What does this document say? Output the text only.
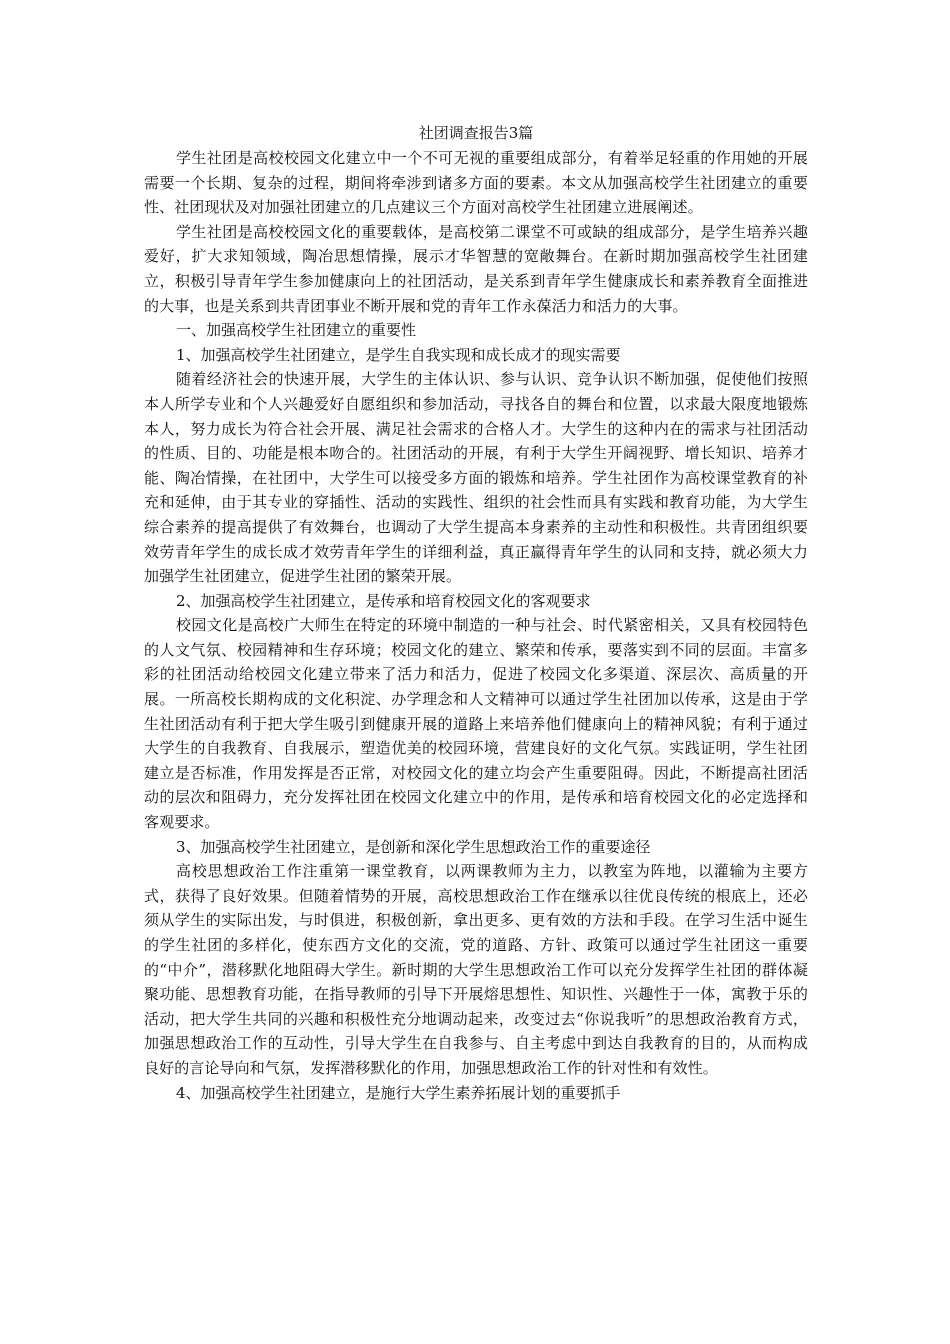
社团调查报告3篇

学生社团是高校校园文化建立中一个不可无视的重要组成部分，有着举足轻重的作用她的开展需要一个长期、复杂的过程，期间将牵涉到诸多方面的要素。本文从加强高校学生社团建立的重要性、社团现状及对加强社团建立的几点建议三个方面对高校学生社团建立进展阐述。

学生社团是高校校园文化的重要载体，是高校第二课堂不可或缺的组成部分，是学生培养兴趣爱好，扩大求知领域，陶冶思想情操，展示才华智慧的宽敞舞台。在新时期加强高校学生社团建立，积极引导青年学生参加健康向上的社团活动，是关系到青年学生健康成长和素养教育全面推进的大事，也是关系到共青团事业不断开展和党的青年工作永葆活力和活力的大事。

一、加强高校学生社团建立的重要性

1、加强高校学生社团建立，是学生自我实现和成长成才的现实需要

随着经济社会的快速开展，大学生的主体认识、参与认识、竞争认识不断加强，促使他们按照本人所学专业和个人兴趣爱好自愿组织和参加活动，寻找各自的舞台和位置，以求最大限度地锻炼本人，努力成长为符合社会开展、满足社会需求的合格人才。大学生的这种内在的需求与社团活动的性质、目的、功能是根本吻合的。社团活动的开展，有利于大学生开阔视野、增长知识、培养才能、陶冶情操，在社团中，大学生可以接受多方面的锻炼和培养。学生社团作为高校课堂教育的补充和延伸，由于其专业的穿插性、活动的实践性、组织的社会性而具有实践和教育功能，为大学生综合素养的提高提供了有效舞台，也调动了大学生提高本身素养的主动性和积极性。共青团组织要效劳青年学生的成长成才效劳青年学生的详细利益，真正赢得青年学生的认同和支持，就必须大力加强学生社团建立，促进学生社团的繁荣开展。

2、加强高校学生社团建立，是传承和培育校园文化的客观要求

校园文化是高校广大师生在特定的环境中制造的一种与社会、时代紧密相关，又具有校园特色的人文气氛、校园精神和生存环境；校园文化的建立、繁荣和传承，要落实到不同的层面。丰富多彩的社团活动给校园文化建立带来了活力和活力，促进了校园文化多渠道、深层次、高质量的开展。一所高校长期构成的文化积淀、办学理念和人文精神可以通过学生社团加以传承，这是由于学生社团活动有利于把大学生吸引到健康开展的道路上来培养他们健康向上的精神风貌；有利于通过大学生的自我教育、自我展示，塑造优美的校园环境，营建良好的文化气氛。实践证明，学生社团建立是否标准，作用发挥是否正常，对校园文化的建立均会产生重要阻碍。因此，不断提高社团活动的层次和阻碍力，充分发挥社团在校园文化建立中的作用，是传承和培育校园文化的必定选择和客观要求。

3、加强高校学生社团建立，是创新和深化学生思想政治工作的重要途径

高校思想政治工作注重第一课堂教育，以两课教师为主力，以教室为阵地，以灌输为主要方式，获得了良好效果。但随着情势的开展，高校思想政治工作在继承以往优良传统的根底上，还必须从学生的实际出发，与时俱进，积极创新，拿出更多、更有效的方法和手段。在学习生活中诞生的学生社团的多样化，使东西方文化的交流，党的道路、方针、政策可以通过学生社团这一重要的“中介”，潜移默化地阻碍大学生。新时期的大学生思想政治工作可以充分发挥学生社团的群体凝聚功能、思想教育功能，在指导教师的引导下开展熔思想性、知识性、兴趣性于一体，寓教于乐的活动，把大学生共同的兴趣和积极性充分地调动起来，改变过去“你说我听”的思想政治教育方式，加强思想政治工作的互动性，引导大学生在自我参与、自主考虑中到达自我教育的目的，从而构成良好的言论导向和气氛，发挥潜移默化的作用，加强思想政治工作的针对性和有效性。

4、加强高校学生社团建立，是施行大学生素养拓展计划的重要抓手
